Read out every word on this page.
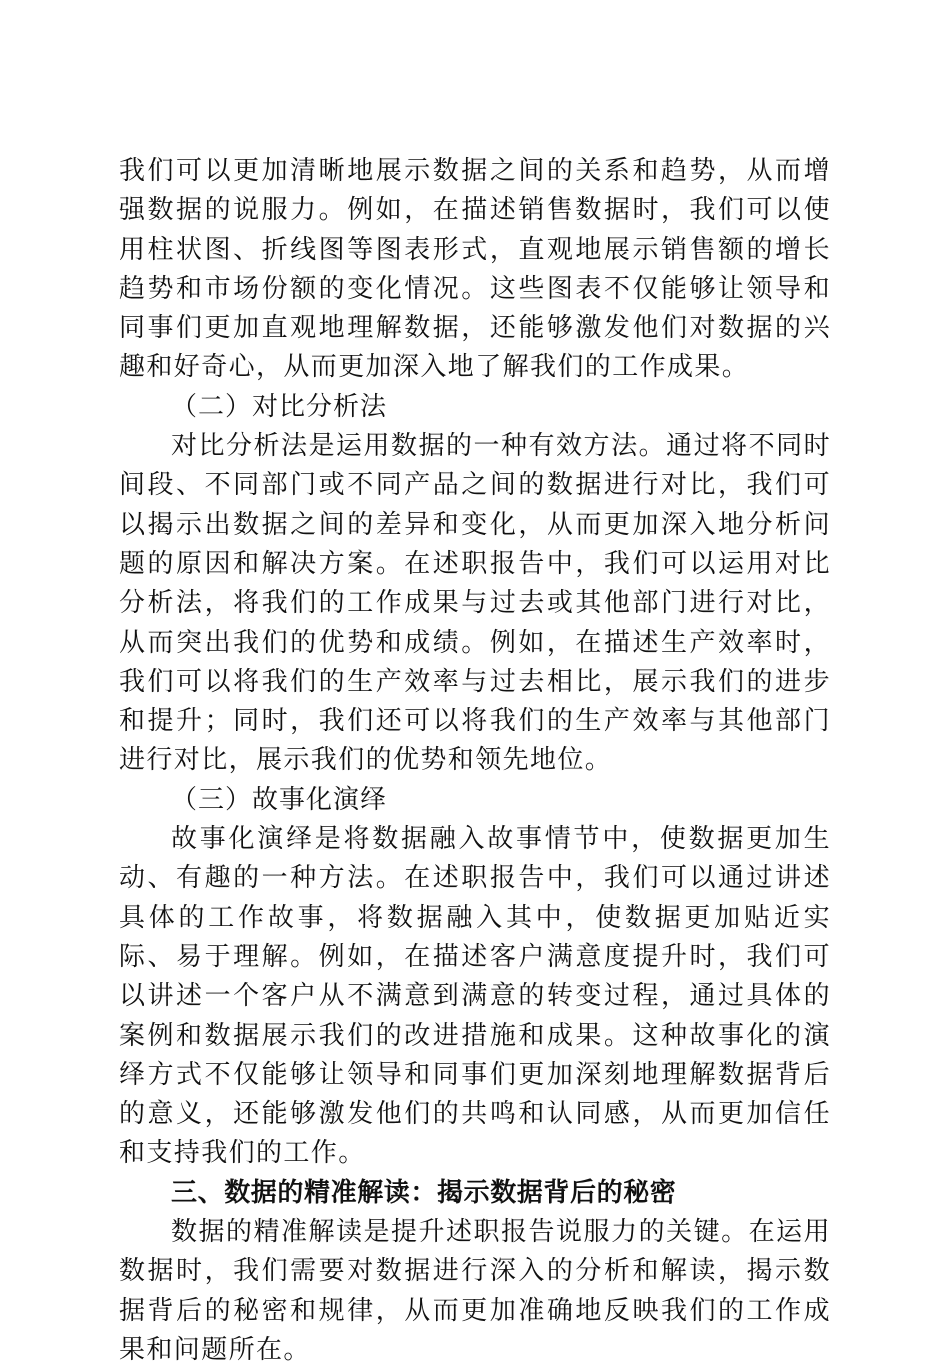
我们可以更加清晰地展示数据之间的关系和趋势，从而增强数据的说服力。例如，在描述销售数据时，我们可以使用柱状图、折线图等图表形式，直观地展示销售额的增长趋势和市场份额的变化情况。这些图表不仅能够让领导和同事们更加直观地理解数据，还能够激发他们对数据的兴趣和好奇心，从而更加深入地了解我们的工作成果。

（二）对比分析法

对比分析法是运用数据的一种有效方法。通过将不同时间段、不同部门或不同产品之间的数据进行对比，我们可以揭示出数据之间的差异和变化，从而更加深入地分析问题的原因和解决方案。在述职报告中，我们可以运用对比分析法，将我们的工作成果与过去或其他部门进行对比，从而突出我们的优势和成绩。例如，在描述生产效率时，我们可以将我们的生产效率与过去相比，展示我们的进步和提升；同时，我们还可以将我们的生产效率与其他部门进行对比，展示我们的优势和领先地位。

（三）故事化演绎

故事化演绎是将数据融入故事情节中，使数据更加生动、有趣的一种方法。在述职报告中，我们可以通过讲述具体的工作故事，将数据融入其中，使数据更加贴近实际、易于理解。例如，在描述客户满意度提升时，我们可以讲述一个客户从不满意到满意的转变过程，通过具体的案例和数据展示我们的改进措施和成果。这种故事化的演绎方式不仅能够让领导和同事们更加深刻地理解数据背后的意义，还能够激发他们的共鸣和认同感，从而更加信任和支持我们的工作。

三、数据的精准解读：揭示数据背后的秘密

数据的精准解读是提升述职报告说服力的关键。在运用数据时，我们需要对数据进行深入的分析和解读，揭示数据背后的秘密和规律，从而更加准确地反映我们的工作成果和问题所在。
